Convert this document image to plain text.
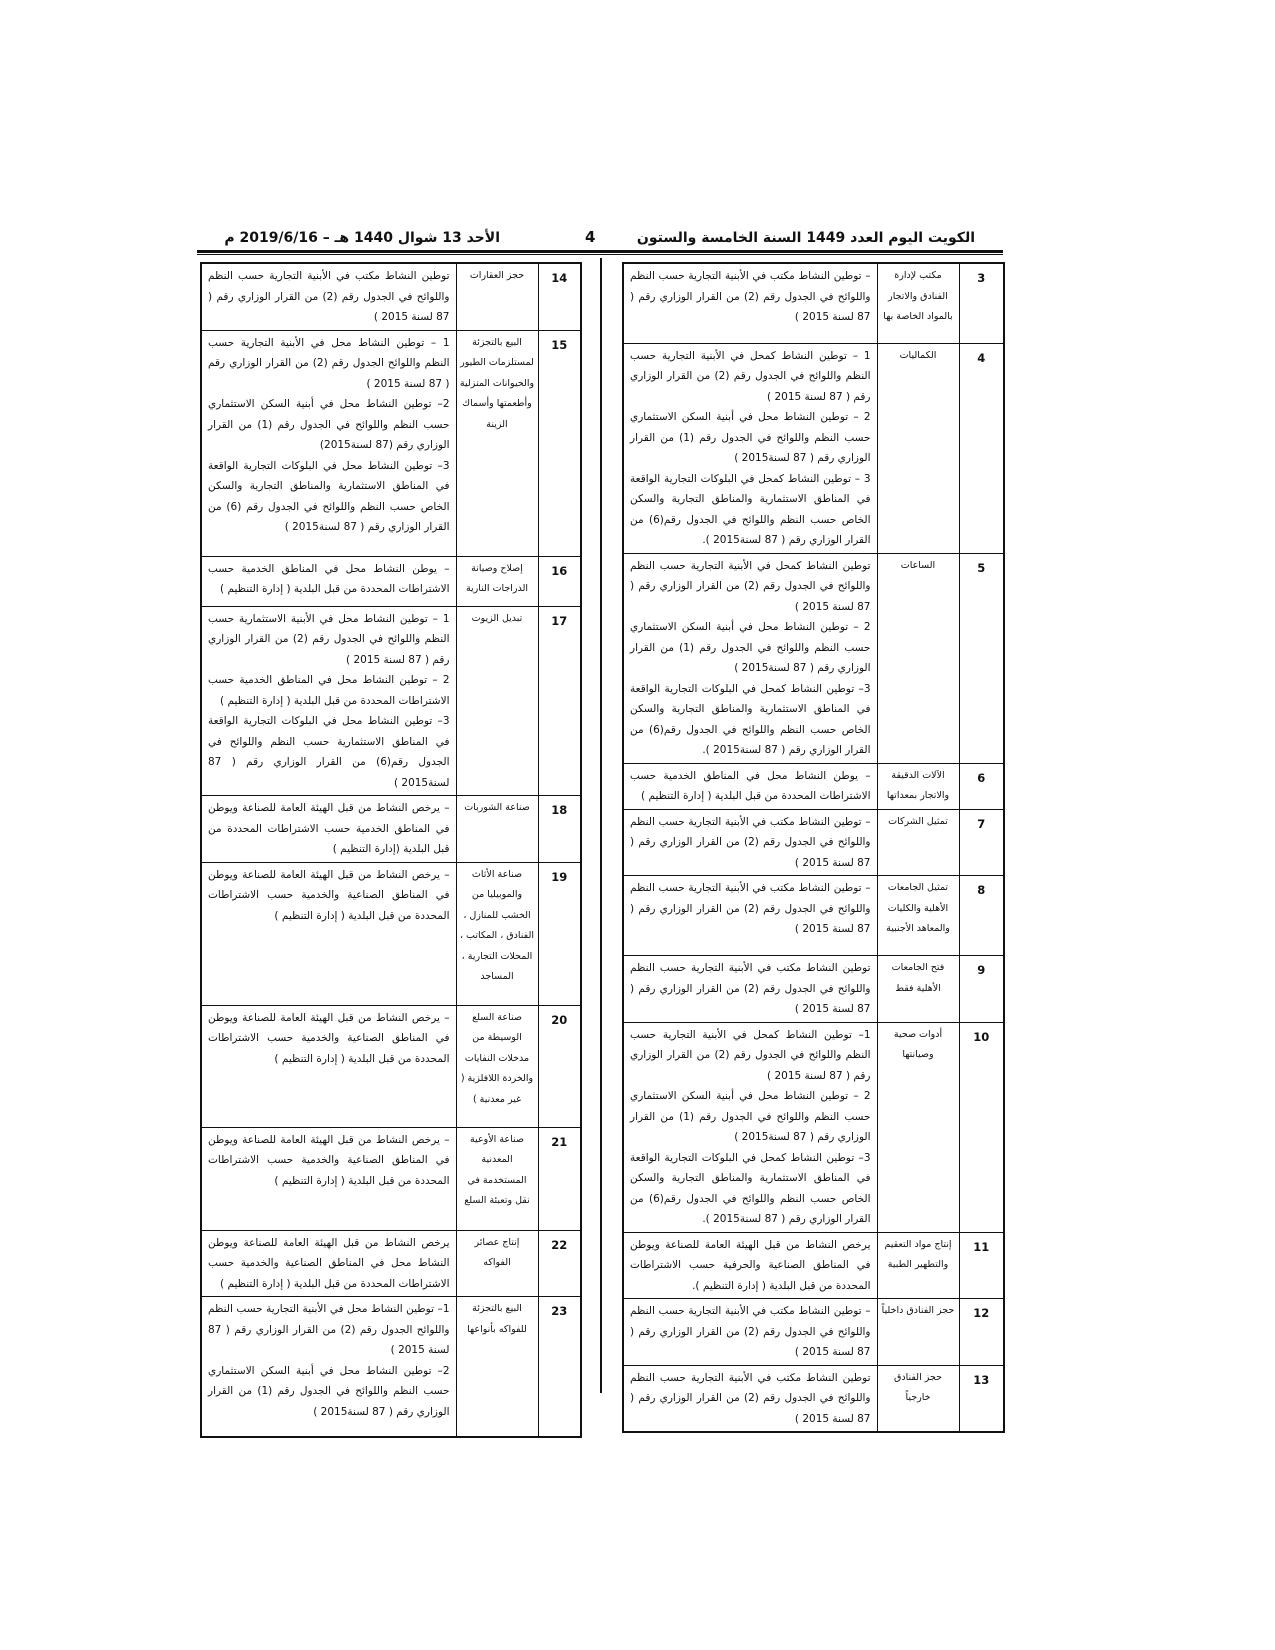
الكويت اليوم العدد 1449 السنة الخامسة والستون
4
الأحد 13 شوال 1440 هـ – 2019/6/16 م
3	مكتب لإدارة الفنادق والاتجار بالمواد الخاصة بها	– توطين النشاط مكتب في الأبنية التجارية حسب النظم واللوائح في الجدول رقم (2) من القرار الوزاري رقم ( 87 لسنة 2015 )

4	الكماليات	1 – توطين النشاط كمحل في الأبنية التجارية حسب النظم واللوائح في الجدول رقم (2) من القرار الوزاري رقم ( 87 لسنة 2015 )

2 – توطين النشاط محل في أبنية السكن الاستثماري حسب النظم واللوائح في الجدول رقم (1) من القرار الوزاري رقم ( 87 لسنة2015 )

3 – توطين النشاط كمحل في البلوكات التجارية الواقعة في المناطق الاستثمارية والمناطق التجارية والسكن الخاص حسب النظم واللوائح في الجدول رقم(6) من القرار الوزاري رقم ( 87 لسنة2015 ).

5	الساعات	توطين النشاط كمحل في الأبنية التجارية حسب النظم واللوائح في الجدول رقم (2) من القرار الوزاري رقم ( 87 لسنة 2015 )

2 – توطين النشاط محل في أبنية السكن الاستثماري حسب النظم واللوائح في الجدول رقم (1) من القرار الوزاري رقم ( 87 لسنة2015 )

3– توطين النشاط كمحل في البلوكات التجارية الواقعة في المناطق الاستثمارية والمناطق التجارية والسكن الخاص حسب النظم واللوائح في الجدول رقم(6) من القرار الوزاري رقم ( 87 لسنة2015 ).

6	الآلات الدقيقة والاتجار بمعداتها	– يوطن النشاط محل في المناطق الخدمية حسب الاشتراطات المحددة من قبل البلدية ( إدارة التنظيم )

7	تمثيل الشركات	– توطين النشاط مكتب في الأبنية التجارية حسب النظم واللوائح في الجدول رقم (2) من القرار الوزاري رقم ( 87 لسنة 2015 )

8	تمثيل الجامعات الأهلية والكليات والمعاهد الأجنبية	– توطين النشاط مكتب في الأبنية التجارية حسب النظم واللوائح في الجدول رقم (2) من القرار الوزاري رقم ( 87 لسنة 2015 )

9	فتح الجامعات الأهلية فقط	توطين النشاط مكتب في الأبنية التجارية حسب النظم واللوائح في الجدول رقم (2) من القرار الوزاري رقم ( 87 لسنة 2015 )

10	أدوات صحية وصيانتها	1– توطين النشاط كمحل في الأبنية التجارية حسب النظم واللوائح في الجدول رقم (2) من القرار الوزاري رقم ( 87 لسنة 2015 )

2 – توطين النشاط محل في أبنية السكن الاستثماري حسب النظم واللوائح في الجدول رقم (1) من القرار الوزاري رقم ( 87 لسنة2015 )

3– توطين النشاط كمحل في البلوكات التجارية الواقعة في المناطق الاستثمارية والمناطق التجارية والسكن الخاص حسب النظم واللوائح في الجدول رقم(6) من القرار الوزاري رقم ( 87 لسنة2015 ).

11	إنتاج مواد التعقيم والتطهير الطبية	يرخص النشاط من قبل الهيئة العامة للصناعة ويوطن في المناطق الصناعية والحرفية حسب الاشتراطات المحددة من قبل البلدية ( إدارة التنظيم ).

12	حجز الفنادق داخلياً	– توطين النشاط مكتب في الأبنية التجارية حسب النظم واللوائح في الجدول رقم (2) من القرار الوزاري رقم ( 87 لسنة 2015 )

13	حجز الفنادق خارجياً	توطين النشاط مكتب في الأبنية التجارية حسب النظم واللوائح في الجدول رقم (2) من القرار الوزاري رقم ( 87 لسنة 2015 )

14	حجز العقارات	توطين النشاط مكتب في الأبنية التجارية حسب النظم واللوائح في الجدول رقم (2) من القرار الوزاري رقم ( 87 لسنة 2015 )

15	البيع بالتجزئة لمستلزمات الطيور والحيوانات المنزلية وأطعمتها وأسماك الزينة	1 – توطين النشاط محل في الأبنية التجارية حسب النظم واللوائح الجدول رقم (2) من القرار الوزاري رقم ( 87 لسنة 2015 )

2– توطين النشاط محل في أبنية السكن الاستثماري حسب النظم واللوائح في الجدول رقم (1) من القرار الوزاري رقم (87 لسنة2015)

3– توطين النشاط محل في البلوكات التجارية الواقعة في المناطق الاستثمارية والمناطق التجارية والسكن الخاص حسب النظم واللوائح في الجدول رقم (6) من القرار الوزاري رقم ( 87 لسنة2015 )

16	إصلاح وصيانة الدراجات النارية	– يوطن النشاط محل في المناطق الخدمية حسب الاشتراطات المحددة من قبل البلدية ( إدارة التنظيم )

17	تبديل الزيوت	1 – توطين النشاط محل في الأبنية الاستثمارية حسب النظم واللوائح في الجدول رقم (2) من القرار الوزاري رقم ( 87 لسنة 2015 )

2 – توطين النشاط محل في المناطق الخدمية حسب الاشتراطات المحددة من قبل البلدية ( إدارة التنظيم )

3– توطين النشاط محل في البلوكات التجارية الواقعة في المناطق الاستثمارية حسب النظم واللوائح في الجدول رقم(6) من القرار الوزاري رقم ( 87 لسنة2015 )

18	صناعة الشوربات	– يرخص النشاط من قبل الهيئة العامة للصناعة ويوطن في المناطق الخدمية حسب الاشتراطات المحددة من قبل البلدية (إدارة التنظيم )

19	صناعة الأثاث والموبيليا من الخشب للمنازل ، الفنادق ، المكاتب ، المحلات التجارية ، المساجد	– يرخص النشاط من قبل الهيئة العامة للصناعة ويوطن في المناطق الصناعية والخدمية حسب الاشتراطات المحددة من قبل البلدية ( إدارة التنظيم )

20	صناعة السلع الوسيطة من مدخلات النفايات والخردة اللافلزية ( غير معدنية )	– يرخص النشاط من قبل الهيئة العامة للصناعة ويوطن في المناطق الصناعية والخدمية حسب الاشتراطات المحددة من قبل البلدية ( إدارة التنظيم )

21	صناعة الأوعية المعدنية المستخدمة في نقل وتعبئة السلع	– يرخص النشاط من قبل الهيئة العامة للصناعة ويوطن في المناطق الصناعية والخدمية حسب الاشتراطات المحددة من قبل البلدية ( إدارة التنظيم )

22	إنتاج عصائر الفواكه	يرخص النشاط من قبل الهيئة العامة للصناعة ويوطن النشاط محل في المناطق الصناعية والخدمية حسب الاشتراطات المحددة من قبل البلدية ( إدارة التنظيم )

23	البيع بالتجزئة للفواكه بأنواعها	1– توطين النشاط محل في الأبنية التجارية حسب النظم واللوائح الجدول رقم (2) من القرار الوزاري رقم ( 87 لسنة 2015 )

2– توطين النشاط محل في أبنية السكن الاستثماري حسب النظم واللوائح في الجدول رقم (1) من القرار الوزاري رقم ( 87 لسنة2015 )
